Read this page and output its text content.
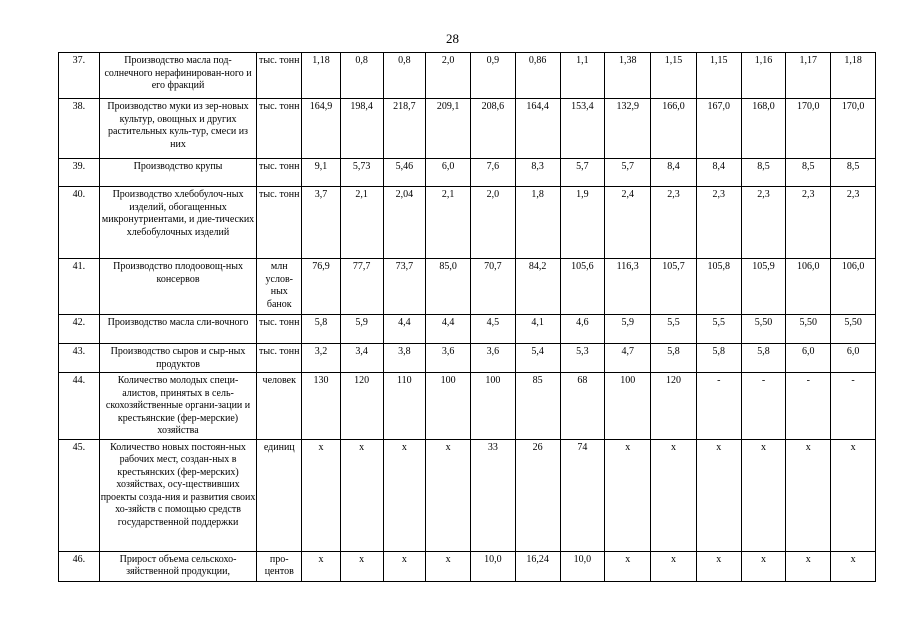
28
37.	Производство масла под-солнечного нерафинирован-ного и его фракций	тыс. тонн	1,18	0,8	0,8	2,0	0,9	0,86	1,1	1,38	1,15	1,15	1,16	1,17	1,18
38.	Производство муки из зер-новых культур, овощных и других растительных куль-тур, смеси из них	тыс. тонн	164,9	198,4	218,7	209,1	208,6	164,4	153,4	132,9	166,0	167,0	168,0	170,0	170,0
39.	Производство крупы	тыс. тонн	9,1	5,73	5,46	6,0	7,6	8,3	5,7	5,7	8,4	8,4	8,5	8,5	8,5
40.	Производство хлебобулоч-ных изделий, обогащенных микронутриентами, и дие-тических хлебобулочных изделий	тыс. тонн	3,7	2,1	2,04	2,1	2,0	1,8	1,9	2,4	2,3	2,3	2,3	2,3	2,3
41.	Производство плодоовощ-ных консервов	млн услов-ных банок	76,9	77,7	73,7	85,0	70,7	84,2	105,6	116,3	105,7	105,8	105,9	106,0	106,0
42.	Производство масла сли-вочного	тыс. тонн	5,8	5,9	4,4	4,4	4,5	4,1	4,6	5,9	5,5	5,5	5,50	5,50	5,50
43.	Производство сыров и сыр-ных продуктов	тыс. тонн	3,2	3,4	3,8	3,6	3,6	5,4	5,3	4,7	5,8	5,8	5,8	6,0	6,0
44.	Количество молодых специ-алистов, принятых в сель-скохозяйственные органи-зации и крестьянские (фер-мерские) хозяйства	человек	130	120	110	100	100	85	68	100	120	-	-	-	-
45.	Количество новых постоян-ных рабочих мест, создан-ных в крестьянских (фер-мерских) хозяйствах, осу-ществивших проекты созда-ния и развития своих хо-зяйств с помощью средств государственной поддержки	единиц	х	х	х	х	33	26	74	х	х	х	х	х	х
46.	Прирост объема сельскохо-зяйственной продукции,	про-центов	х	х	х	х	10,0	16,24	10,0	х	х	х	х	х	х
